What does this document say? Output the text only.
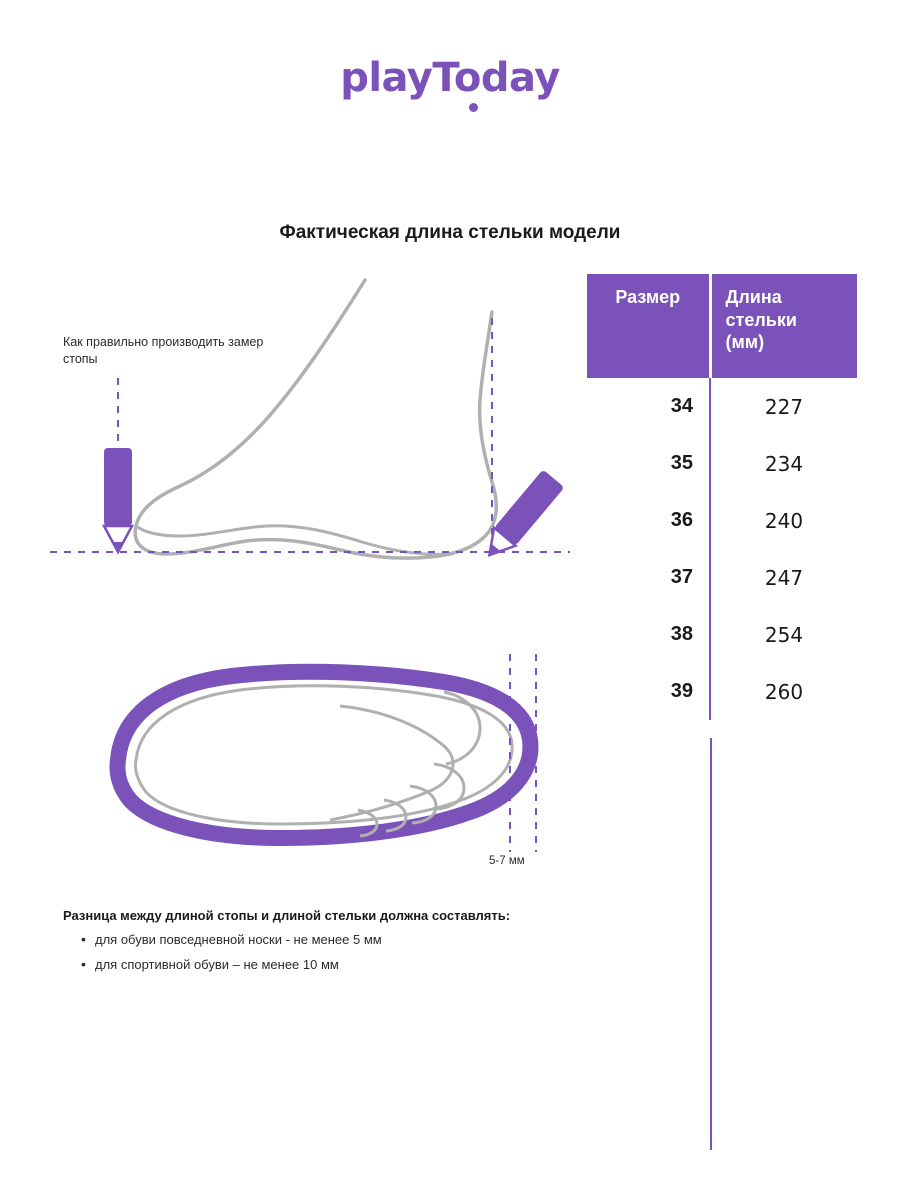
playToday
Фактическая длина стельки модели
Как правильно производить замер стопы
5-7 мм
Разница между длиной стопы и длиной стельки должна составлять:
• для обуви повседневной носки - не менее 5 мм
• для спортивной обуви – не менее 10 мм
Размер	Длина
стельки
(мм)
34	227
35	234
36	240
37	247
38	254
39	260
